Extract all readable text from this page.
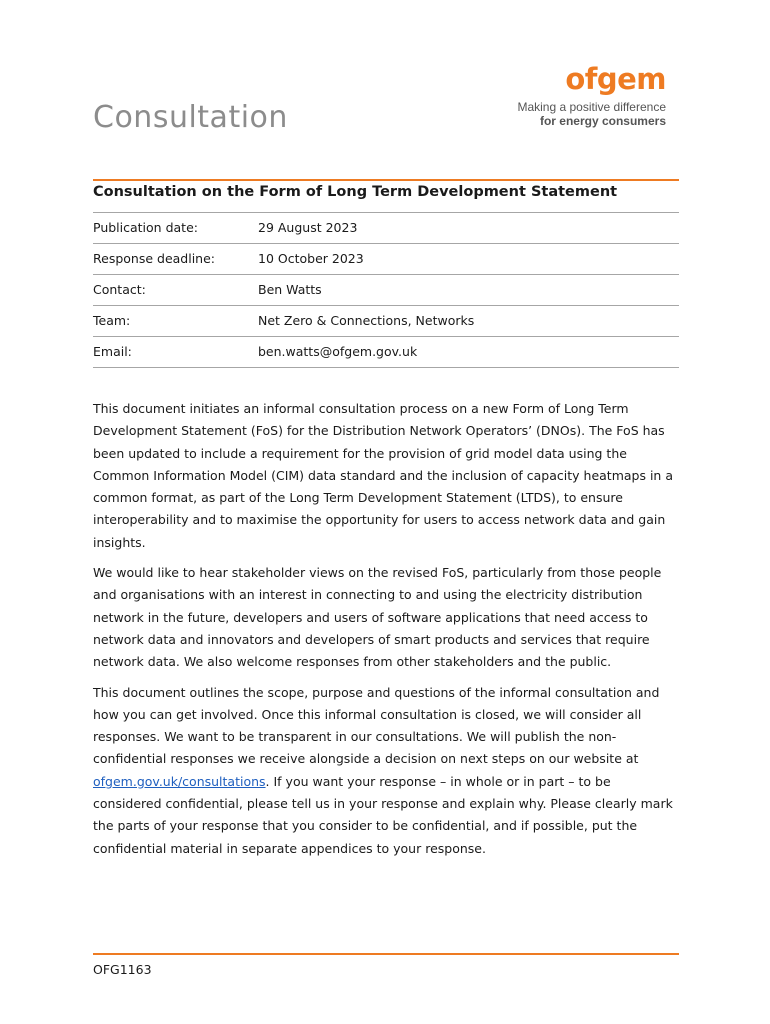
Consultation
ofgem
Making a positive difference
for energy consumers
Consultation on the Form of Long Term Development Statement
Publication date:	29 August 2023
Response deadline:	10 October 2023
Contact:	Ben Watts
Team:	Net Zero & Connections, Networks
Email:	ben.watts@ofgem.gov.uk

This document initiates an informal consultation process on a new Form of Long Term Development Statement (FoS) for the Distribution Network Operators’ (DNOs). The FoS has been updated to include a requirement for the provision of grid model data using the Common Information Model (CIM) data standard and the inclusion of capacity heatmaps in a common format, as part of the Long Term Development Statement (LTDS), to ensure interoperability and to maximise the opportunity for users to access network data and gain insights.

We would like to hear stakeholder views on the revised FoS, particularly from those people and organisations with an interest in connecting to and using the electricity distribution network in the future, developers and users of software applications that need access to network data and innovators and developers of smart products and services that require network data. We also welcome responses from other stakeholders and the public.

This document outlines the scope, purpose and questions of the informal consultation and how you can get involved. Once this informal consultation is closed, we will consider all responses. We want to be transparent in our consultations. We will publish the non-confidential responses we receive alongside a decision on next steps on our website at ofgem.gov.uk/consultations. If you want your response – in whole or in part – to be considered confidential, please tell us in your response and explain why. Please clearly mark the parts of your response that you consider to be confidential, and if possible, put the confidential material in separate appendices to your response.

OFG1163
